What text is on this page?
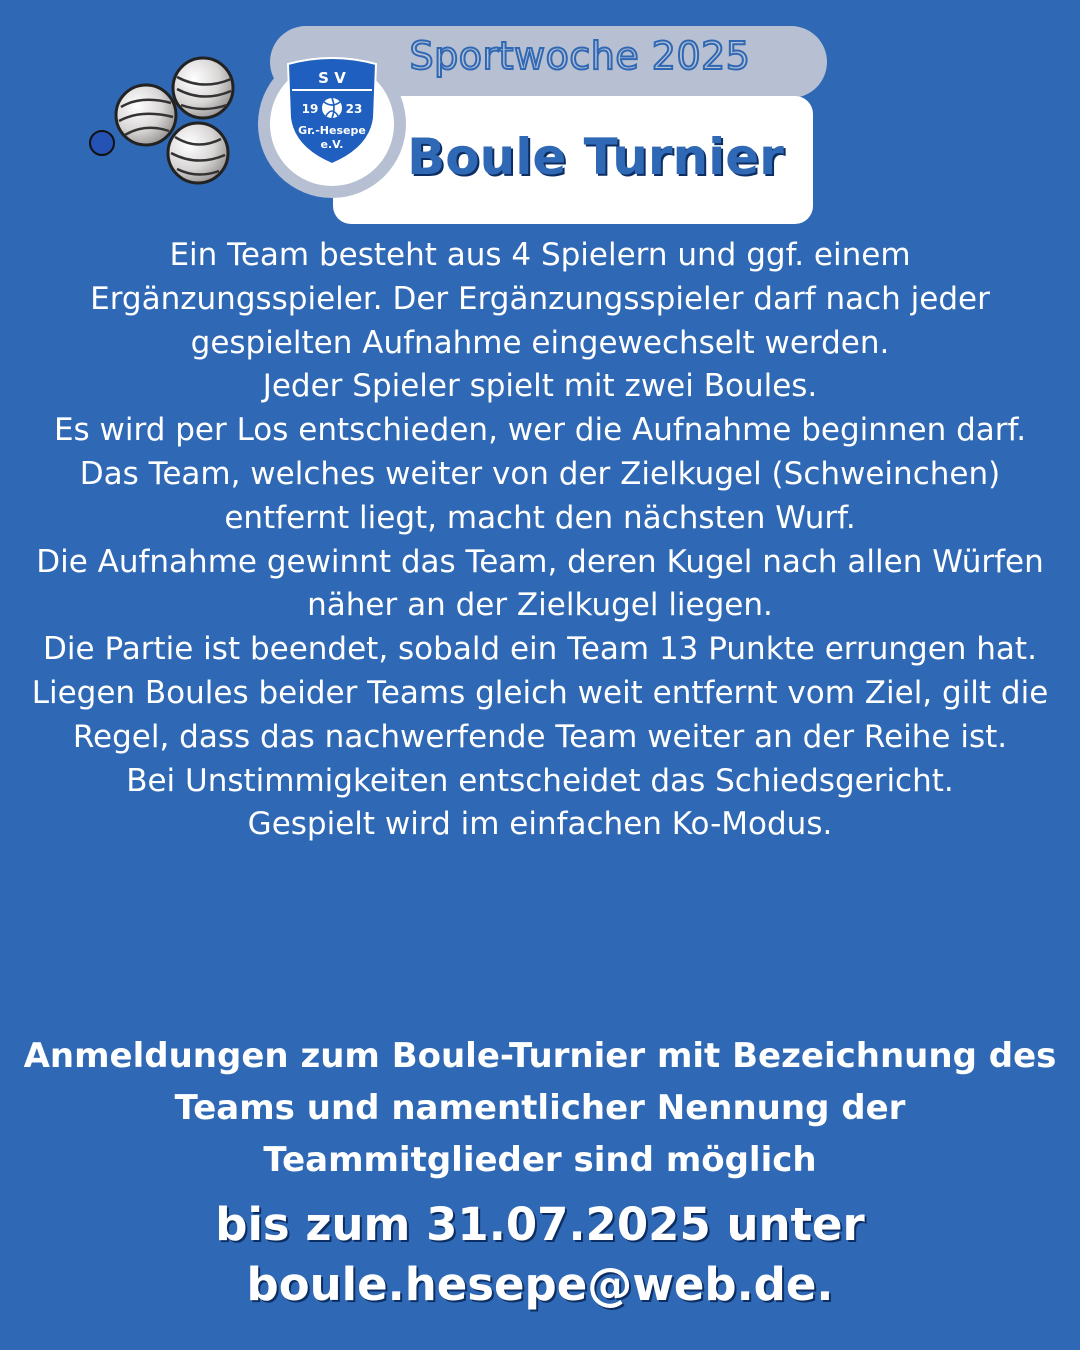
Sportwoche 2025
Boule Turnier
S V
19 23
Gr.-Hesepe
e.V.

Ein Team besteht aus 4 Spielern und ggf. einem Ergänzungsspieler. Der Ergänzungsspieler darf nach jeder gespielten Aufnahme eingewechselt werden.

Jeder Spieler spielt mit zwei Boules.

Es wird per Los entschieden, wer die Aufnahme beginnen darf.

Das Team, welches weiter von der Zielkugel (Schweinchen) entfernt liegt, macht den nächsten Wurf.

Die Aufnahme gewinnt das Team, deren Kugel nach allen Würfen näher an der Zielkugel liegen.

Die Partie ist beendet, sobald ein Team 13 Punkte errungen hat.

Liegen Boules beider Teams gleich weit entfernt vom Ziel, gilt die Regel, dass das nachwerfende Team weiter an der Reihe ist.

Bei Unstimmigkeiten entscheidet das Schiedsgericht.

Gespielt wird im einfachen Ko-Modus.

Anmeldungen zum Boule-Turnier mit Bezeichnung des Teams und namentlicher Nennung der Teammitglieder sind möglich
bis zum 31.07.2025 unter
boule.hesepe@web.de.
